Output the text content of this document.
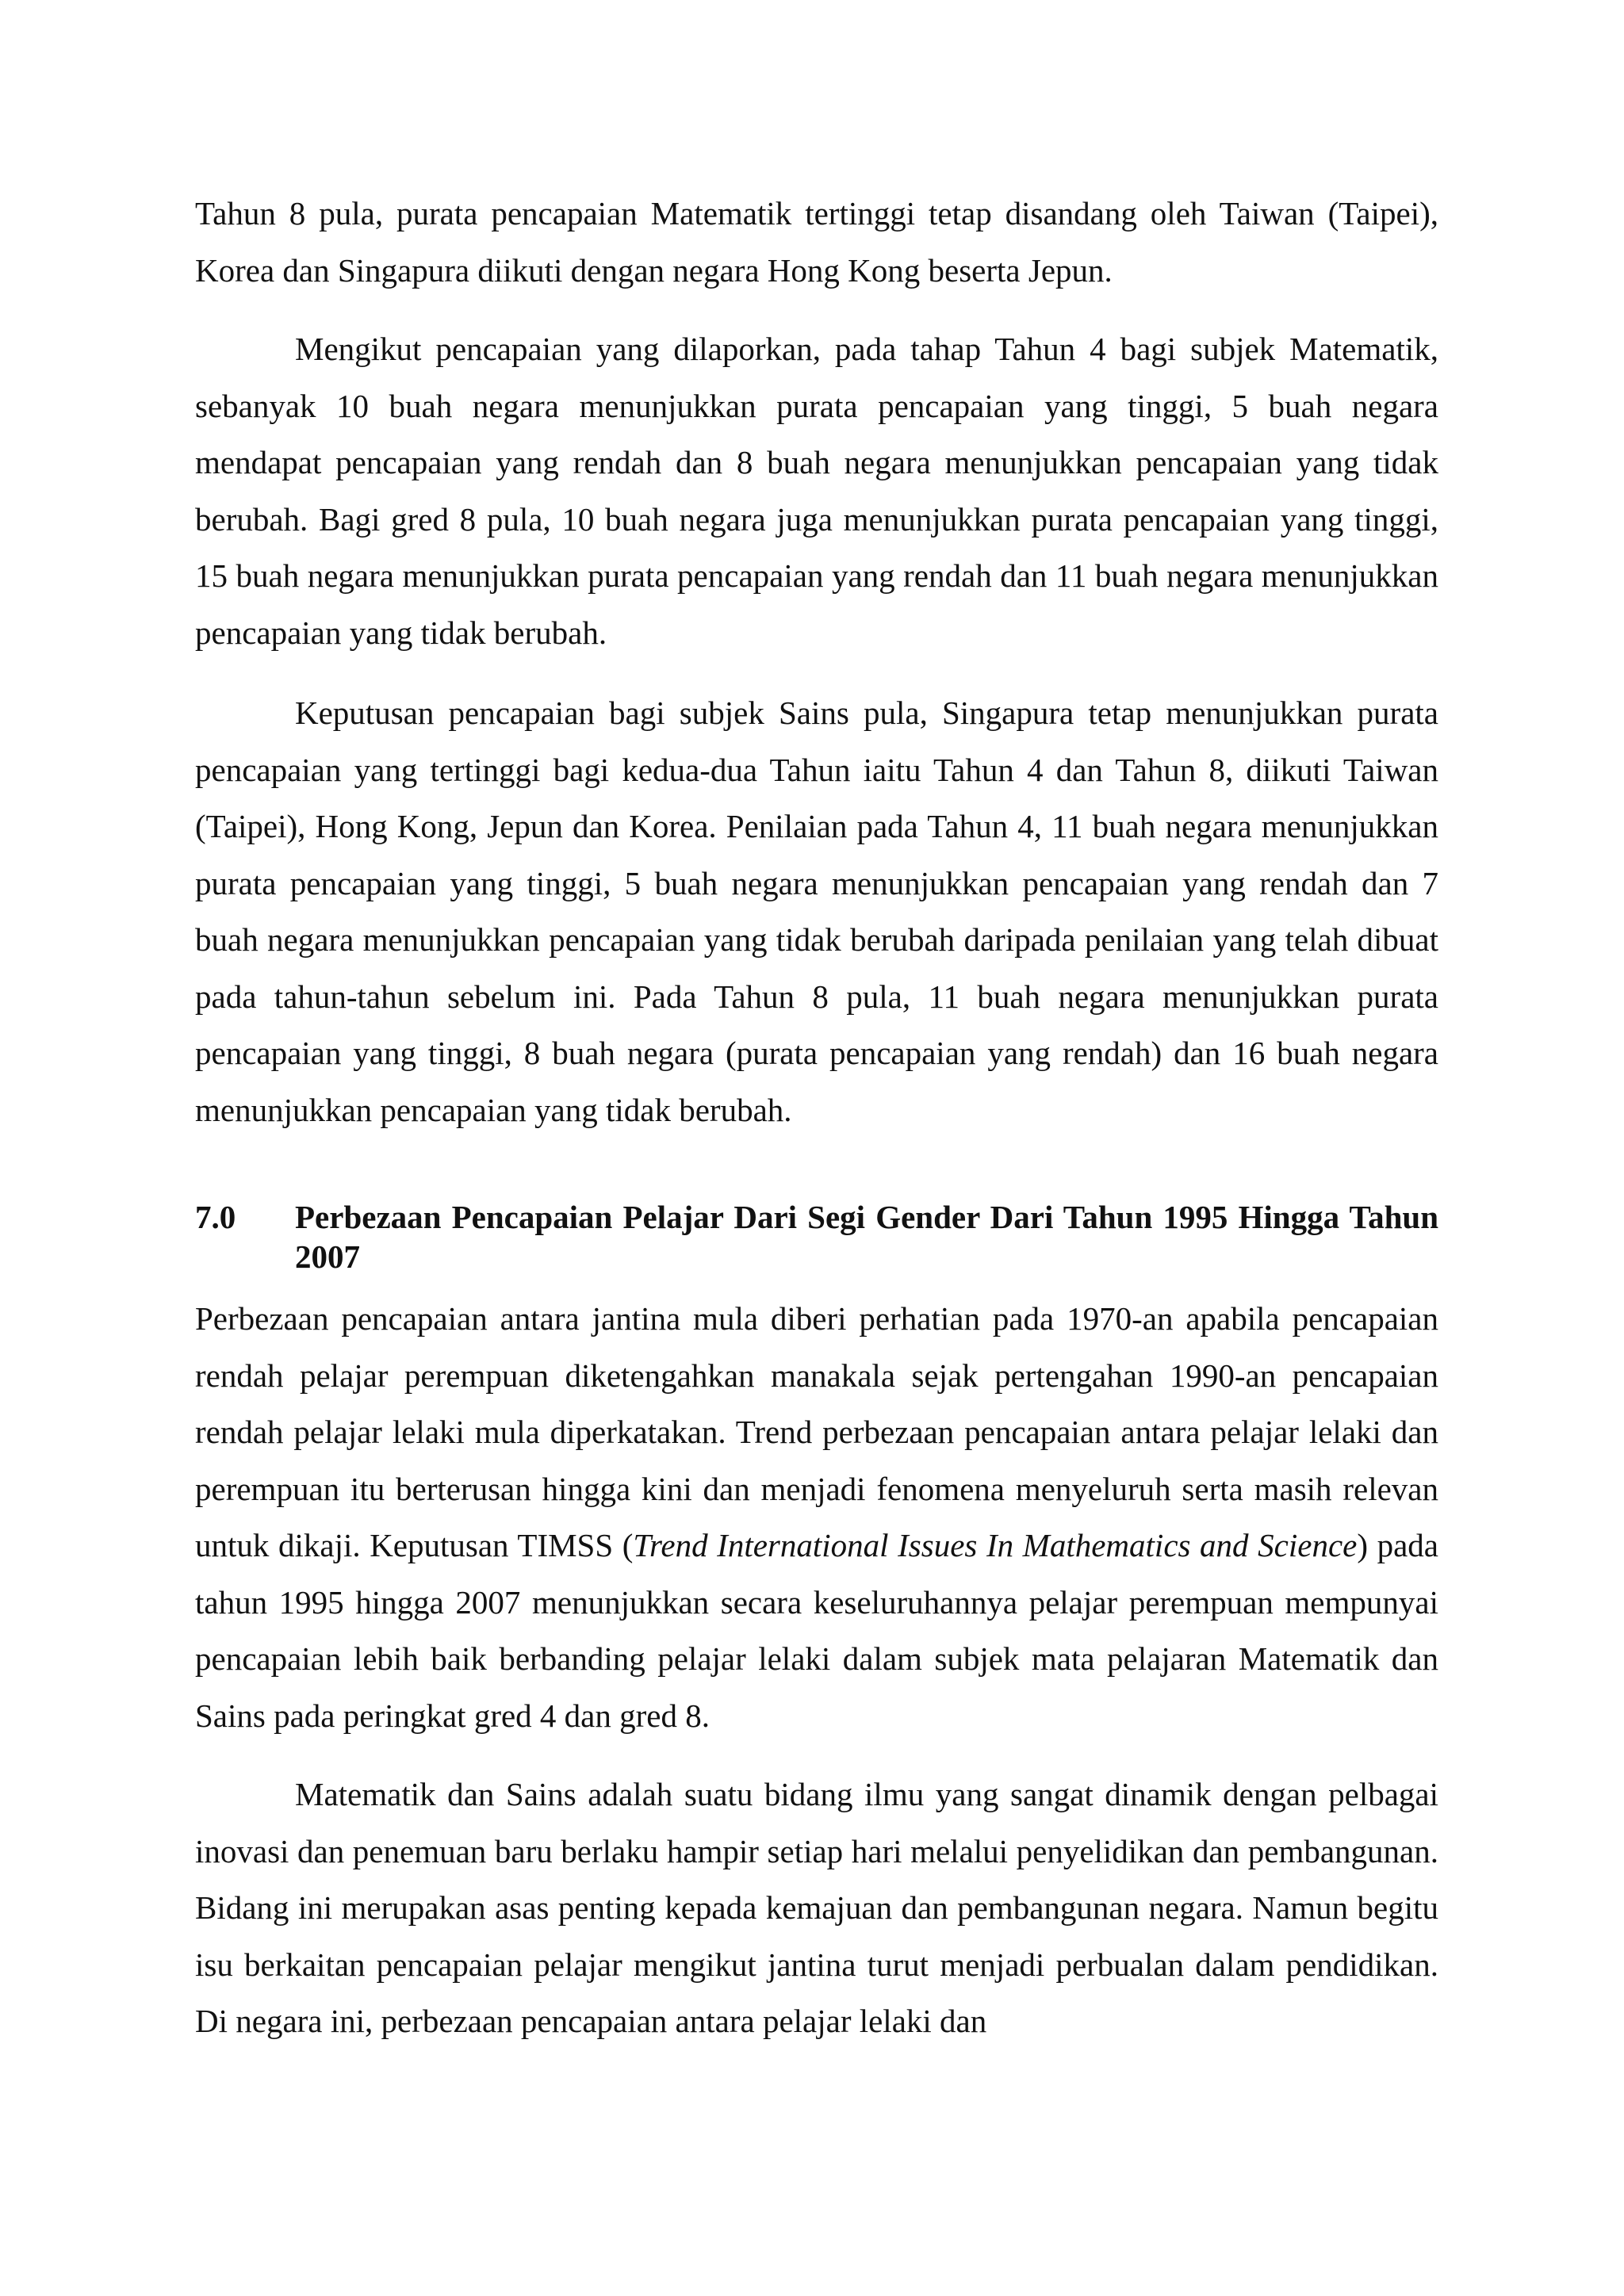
Tahun 8 pula, purata pencapaian Matematik tertinggi tetap disandang oleh Taiwan (Taipei), Korea dan Singapura diikuti dengan negara Hong Kong beserta Jepun.

Mengikut pencapaian yang dilaporkan, pada tahap Tahun 4 bagi subjek Matematik, sebanyak 10 buah negara menunjukkan purata pencapaian yang tinggi, 5 buah negara mendapat pencapaian yang rendah dan 8 buah negara menunjukkan pencapaian yang tidak berubah. Bagi gred 8 pula, 10 buah negara juga menunjukkan purata pencapaian yang tinggi, 15 buah negara menunjukkan purata pencapaian yang rendah dan 11 buah negara menunjukkan pencapaian yang tidak berubah.

Keputusan pencapaian bagi subjek Sains pula, Singapura tetap menunjukkan purata pencapaian yang tertinggi bagi kedua-dua Tahun iaitu Tahun 4 dan Tahun 8, diikuti Taiwan (Taipei), Hong Kong, Jepun dan Korea. Penilaian pada Tahun 4, 11 buah negara menunjukkan purata pencapaian yang tinggi, 5 buah negara menunjukkan pencapaian yang rendah dan 7 buah negara menunjukkan pencapaian yang tidak berubah daripada penilaian yang telah dibuat pada tahun-tahun sebelum ini. Pada Tahun 8 pula, 11 buah negara menunjukkan purata pencapaian yang tinggi, 8 buah negara (purata pencapaian yang rendah) dan 16 buah negara menunjukkan pencapaian yang tidak berubah.

7.0	Perbezaan Pencapaian Pelajar Dari Segi Gender Dari Tahun 1995 Hingga Tahun 2007

Perbezaan pencapaian antara jantina mula diberi perhatian pada 1970-an apabila pencapaian rendah pelajar perempuan diketengahkan manakala sejak pertengahan 1990-an pencapaian rendah pelajar lelaki mula diperkatakan. Trend perbezaan pencapaian antara pelajar lelaki dan perempuan itu berterusan hingga kini dan menjadi fenomena menyeluruh serta masih relevan untuk dikaji. Keputusan TIMSS (Trend International Issues In Mathematics and Science) pada tahun 1995 hingga 2007 menunjukkan secara keseluruhannya pelajar perempuan mempunyai pencapaian lebih baik berbanding pelajar lelaki dalam subjek mata pelajaran Matematik dan Sains pada peringkat gred 4 dan gred 8.

Matematik dan Sains adalah suatu bidang ilmu yang sangat dinamik dengan pelbagai inovasi dan penemuan baru berlaku hampir setiap hari melalui penyelidikan dan pembangunan. Bidang ini merupakan asas penting kepada kemajuan dan pembangunan negara. Namun begitu isu berkaitan pencapaian pelajar mengikut jantina turut menjadi perbualan dalam pendidikan. Di negara ini, perbezaan pencapaian antara pelajar lelaki dan
